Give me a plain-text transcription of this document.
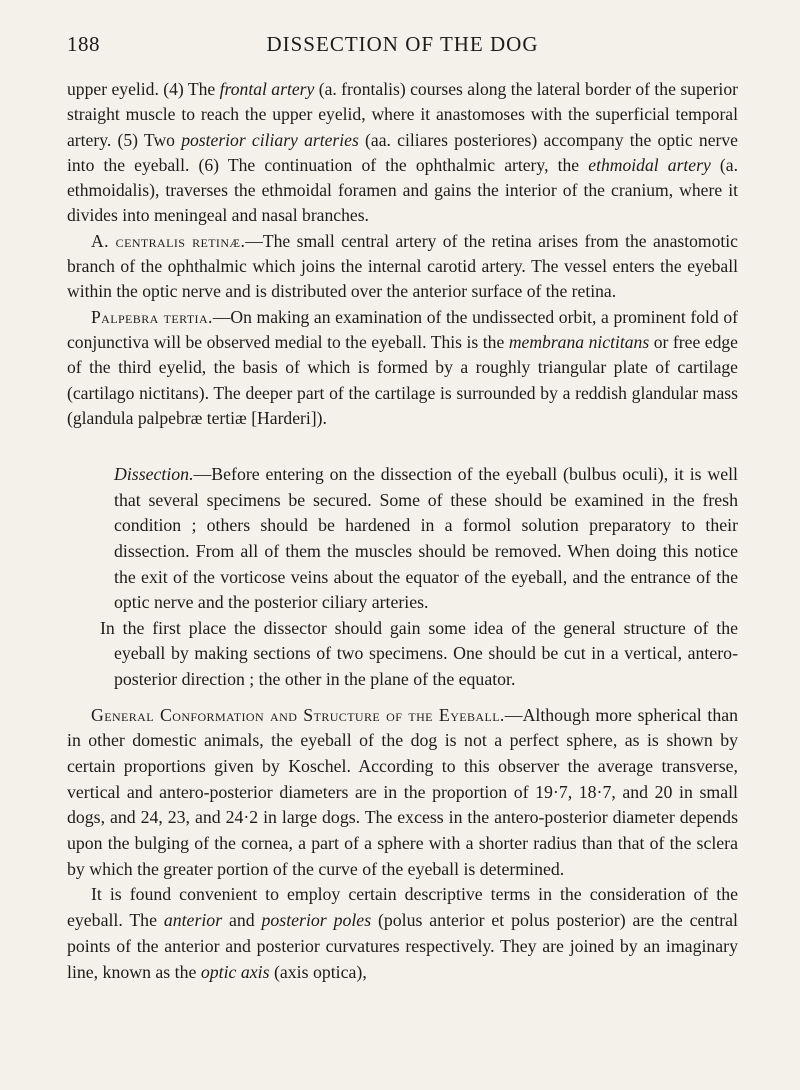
188	DISSECTION OF THE DOG

upper eyelid. (4) The frontal artery (a. frontalis) courses along the lateral border of the superior straight muscle to reach the upper eyelid, where it anastomoses with the superficial temporal artery. (5) Two posterior ciliary arteries (aa. ciliares posteriores) accompany the optic nerve into the eyeball. (6) The continuation of the ophthalmic artery, the ethmoidal artery (a. ethmoidalis), traverses the ethmoidal foramen and gains the interior of the cranium, where it divides into meningeal and nasal branches.

A. centralis retinæ.—The small central artery of the retina arises from the anastomotic branch of the ophthalmic which joins the internal carotid artery. The vessel enters the eyeball within the optic nerve and is distributed over the anterior surface of the retina.

Palpebra tertia.—On making an examination of the undissected orbit, a prominent fold of conjunctiva will be observed medial to the eyeball. This is the membrana nictitans or free edge of the third eyelid, the basis of which is formed by a roughly triangular plate of cartilage (cartilago nictitans). The deeper part of the cartilage is surrounded by a reddish glandular mass (glandula palpebræ tertiæ [Harderi]).

Dissection.—Before entering on the dissection of the eyeball (bulbus oculi), it is well that several specimens be secured. Some of these should be examined in the fresh condition ; others should be hardened in a formol solution preparatory to their dissection. From all of them the muscles should be removed. When doing this notice the exit of the vorticose veins about the equator of the eyeball, and the entrance of the optic nerve and the posterior ciliary arteries.

In the first place the dissector should gain some idea of the general structure of the eyeball by making sections of two specimens. One should be cut in a vertical, antero-posterior direction ; the other in the plane of the equator.

General Conformation and Structure of the Eyeball.—Although more spherical than in other domestic animals, the eyeball of the dog is not a perfect sphere, as is shown by certain proportions given by Koschel. According to this observer the average transverse, vertical and antero-posterior diameters are in the proportion of 19·7, 18·7, and 20 in small dogs, and 24, 23, and 24·2 in large dogs. The excess in the antero-posterior diameter depends upon the bulging of the cornea, a part of a sphere with a shorter radius than that of the sclera by which the greater portion of the curve of the eyeball is determined.

It is found convenient to employ certain descriptive terms in the consideration of the eyeball. The anterior and posterior poles (polus anterior et polus posterior) are the central points of the anterior and posterior curvatures respectively. They are joined by an imaginary line, known as the optic axis (axis optica),
